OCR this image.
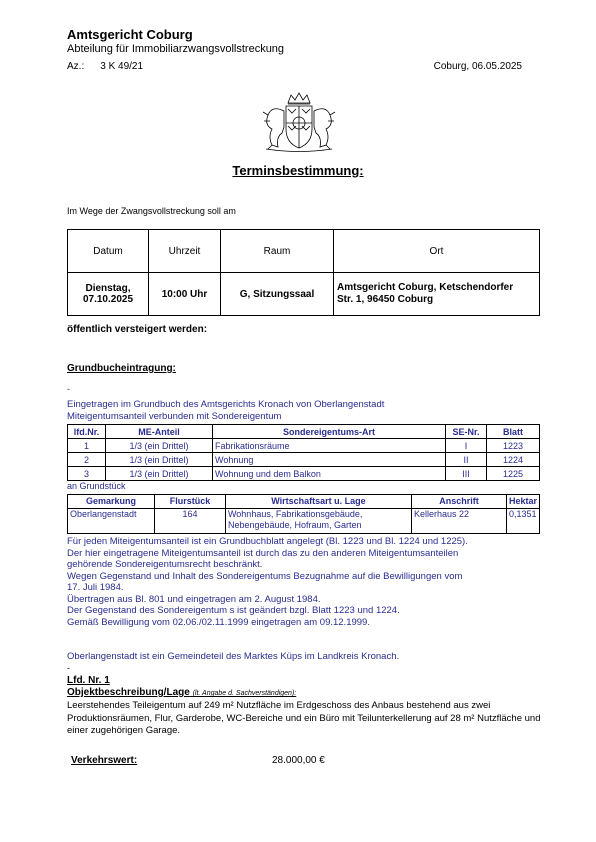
Amtsgericht Coburg
Abteilung für Immobiliarzwangsvollstreckung
Az.: 3 K 49/21	Coburg, 06.05.2025
Terminsbestimmung:
Im Wege der Zwangsvollstreckung soll am
Datum	Uhrzeit	Raum	Ort
Dienstag,
07.10.2025	10:00 Uhr	G, Sitzungssaal	Amtsgericht Coburg, Ketschendorfer
Str. 1, 96450 Coburg
öffentlich versteigert werden:
Grundbucheintragung:
-
Eingetragen im Grundbuch des Amtsgerichts Kronach von Oberlangenstadt
Miteigentumsanteil verbunden mit Sondereigentum
lfd.Nr.	ME-Anteil	Sondereigentums-Art	SE-Nr.	Blatt
1	1/3 (ein Drittel)	Fabrikationsräume	I	1223
2	1/3 (ein Drittel)	Wohnung	II	1224
3	1/3 (ein Drittel)	Wohnung und dem Balkon	III	1225
an Grundstück
Gemarkung	Flurstück	Wirtschaftsart u. Lage	Anschrift	Hektar
Oberlangenstadt	164	Wohnhaus, Fabrikationsgebäude,
Nebengebäude, Hofraum, Garten	Kellerhaus 22	0,1351
Für jeden Miteigentumsanteil ist ein Grundbuchblatt angelegt (Bl. 1223 und Bl. 1224 und 1225).
Der hier eingetragene Miteigentumsanteil ist durch das zu den anderen Miteigentumsanteilen
gehörende Sondereigentumsrecht beschränkt.
Wegen Gegenstand und Inhalt des Sondereigentums Bezugnahme auf die Bewilligungen vom
17. Juli 1984.
Übertragen aus Bl. 801 und eingetragen am 2. August 1984.
Der Gegenstand des Sondereigentum s ist geändert bzgl. Blatt 1223 und 1224.
Gemäß Bewilligung vom 02.06./02.11.1999 eingetragen am 09.12.1999.
Oberlangenstadt ist ein Gemeindeteil des Marktes Küps im Landkreis Kronach.
-
Lfd. Nr. 1
Objektbeschreibung/Lage (lt. Angabe d. Sachverständigen):
Leerstehendes Teileigentum auf 249 m² Nutzfläche im Erdgeschoss des Anbaus bestehend aus zwei Produktionsräumen, Flur, Garderobe, WC-Bereiche und ein Büro mit Teilunterkellerung auf 28 m² Nutzfläche und einer zugehörigen Garage.
Verkehrswert:	28.000,00 €
